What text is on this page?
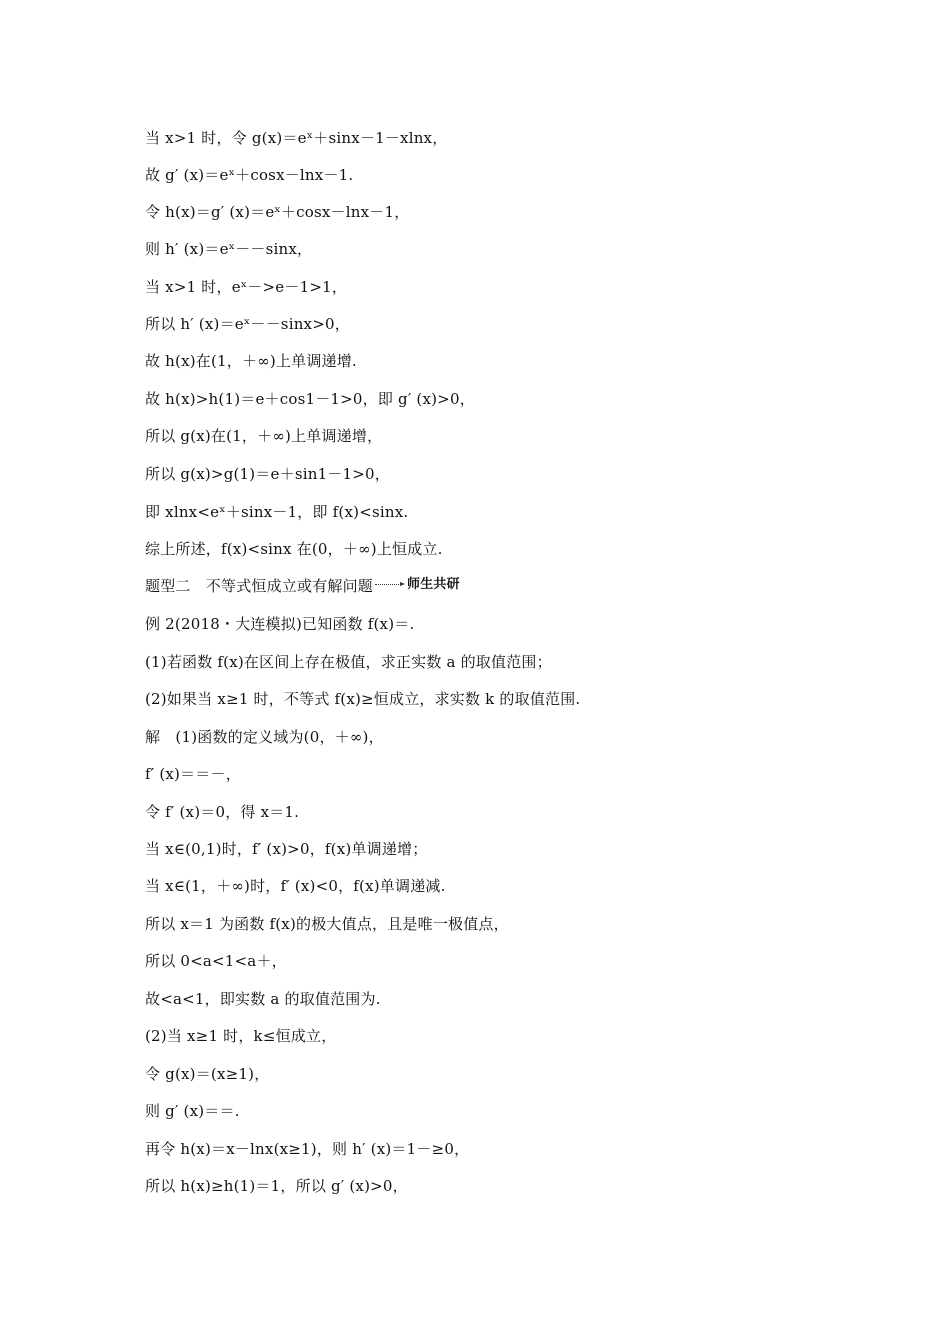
当 x>1 时，令 g(x)＝eˣ＋sinx－1－xlnx，
故 g′ (x)＝eˣ＋cosx－lnx－1.
令 h(x)＝g′ (x)＝eˣ＋cosx－lnx－1，
则 h′ (x)＝eˣ－－sinx，
当 x>1 时，eˣ－>e－1>1，
所以 h′ (x)＝eˣ－－sinx>0，
故 h(x)在(1，＋∞)上单调递增.
故 h(x)>h(1)＝e＋cos1－1>0，即 g′ (x)>0，
所以 g(x)在(1，＋∞)上单调递增，
所以 g(x)>g(1)＝e＋sin1－1>0，
即 xlnx<eˣ＋sinx－1，即 f(x)<sinx.
综上所述，f(x)<sinx 在(0，＋∞)上恒成立.
题型二　不等式恒成立或有解问题	师生共研
例 2(2018・大连模拟)已知函数 f(x)＝.
(1)若函数 f(x)在区间上存在极值，求正实数 a 的取值范围；
(2)如果当 x≥1 时，不等式 f(x)≥恒成立，求实数 k 的取值范围.
解　(1)函数的定义域为(0，＋∞)，
f′ (x)＝＝－，
令 f′ (x)＝0，得 x＝1.
当 x∈(0,1)时，f′ (x)>0，f(x)单调递增；
当 x∈(1，＋∞)时，f′ (x)<0，f(x)单调递减.
所以 x＝1 为函数 f(x)的极大值点，且是唯一极值点，
所以 0<a<1<a＋，
故<a<1，即实数 a 的取值范围为.
(2)当 x≥1 时，k≤恒成立，
令 g(x)＝(x≥1)，
则 g′ (x)＝＝.
再令 h(x)＝x－lnx(x≥1)，则 h′ (x)＝1－≥0，
所以 h(x)≥h(1)＝1，所以 g′ (x)>0，
